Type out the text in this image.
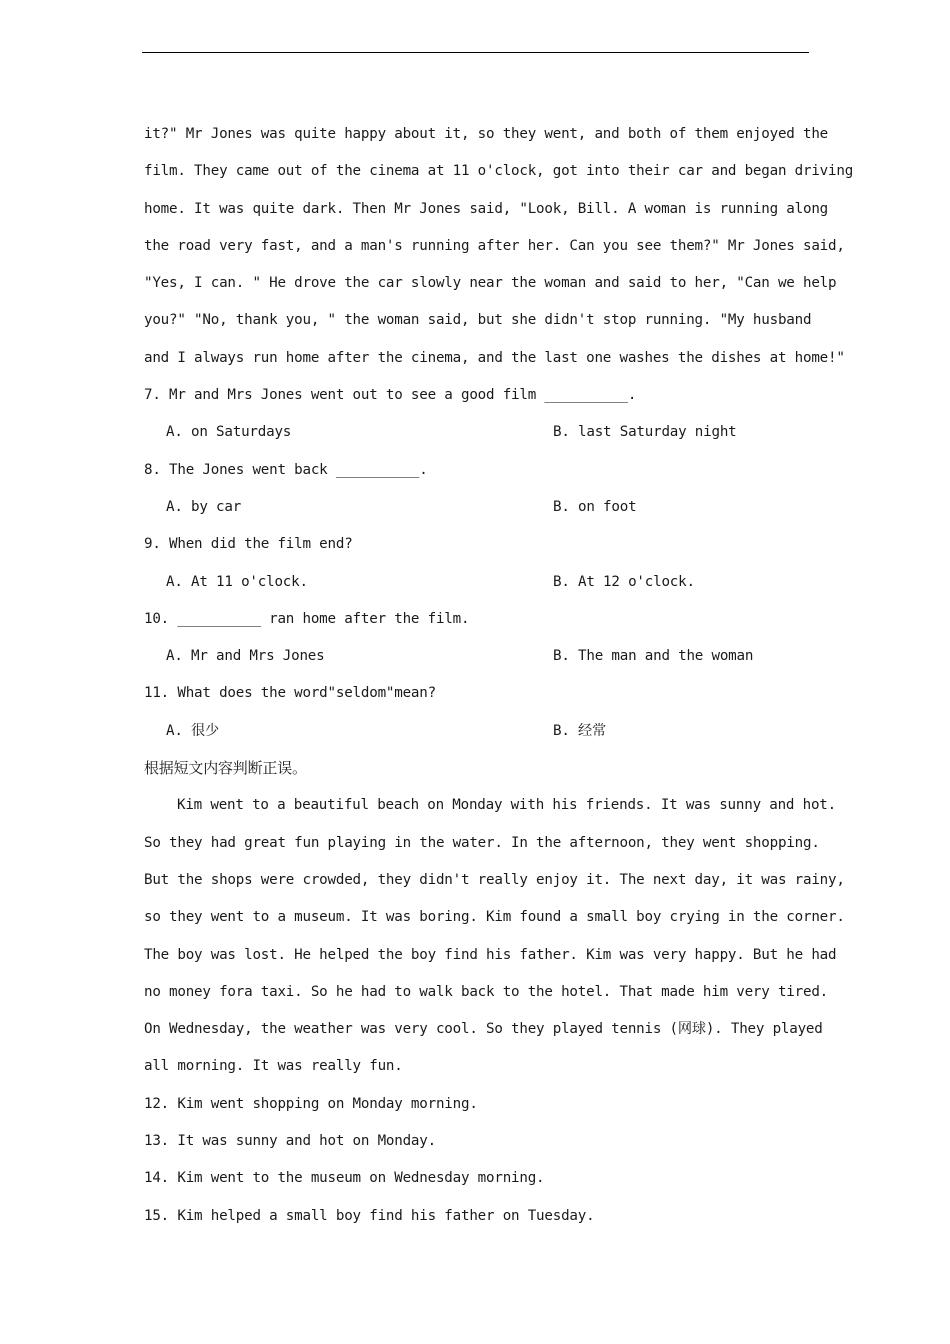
it?" Mr Jones was quite happy about it, so they went, and both of them enjoyed the
film. They came out of the cinema at 11 o'clock, got into their car and began driving
home. It was quite dark. Then Mr Jones said, "Look, Bill. A woman is running along
the road very fast, and a man's running after her. Can you see them?" Mr Jones said,
"Yes, I can. " He drove the car slowly near the woman and said to her, "Can we help
you?" "No, thank you, " the woman said, but she didn't stop running. "My husband
and I always run home after the cinema, and the last one washes the dishes at home!"
7. Mr and Mrs Jones went out to see a good film __________.
A. on Saturdays	B. last Saturday night
8. The Jones went back __________.
A. by car	B. on foot
9. When did the film end?
A. At 11 o'clock.	B. At 12 o'clock.
10. __________ ran home after the film.
A. Mr and Mrs Jones	B. The man and the woman
11. What does the word"seldom"mean?
A. 很少	B. 经常
根据短文内容判断正误。
Kim went to a beautiful beach on Monday with his friends. It was sunny and hot.
So they had great fun playing in the water. In the afternoon, they went shopping.
But the shops were crowded, they didn't really enjoy it. The next day, it was rainy,
so they went to a museum. It was boring. Kim found a small boy crying in the corner.
The boy was lost. He helped the boy find his father. Kim was very happy. But he had
no money fora taxi. So he had to walk back to the hotel. That made him very tired.
On Wednesday, the weather was very cool. So they played tennis (网球). They played
all morning. It was really fun.
12. Kim went shopping on Monday morning.
13. It was sunny and hot on Monday.
14. Kim went to the museum on Wednesday morning.
15. Kim helped a small boy find his father on Tuesday.
